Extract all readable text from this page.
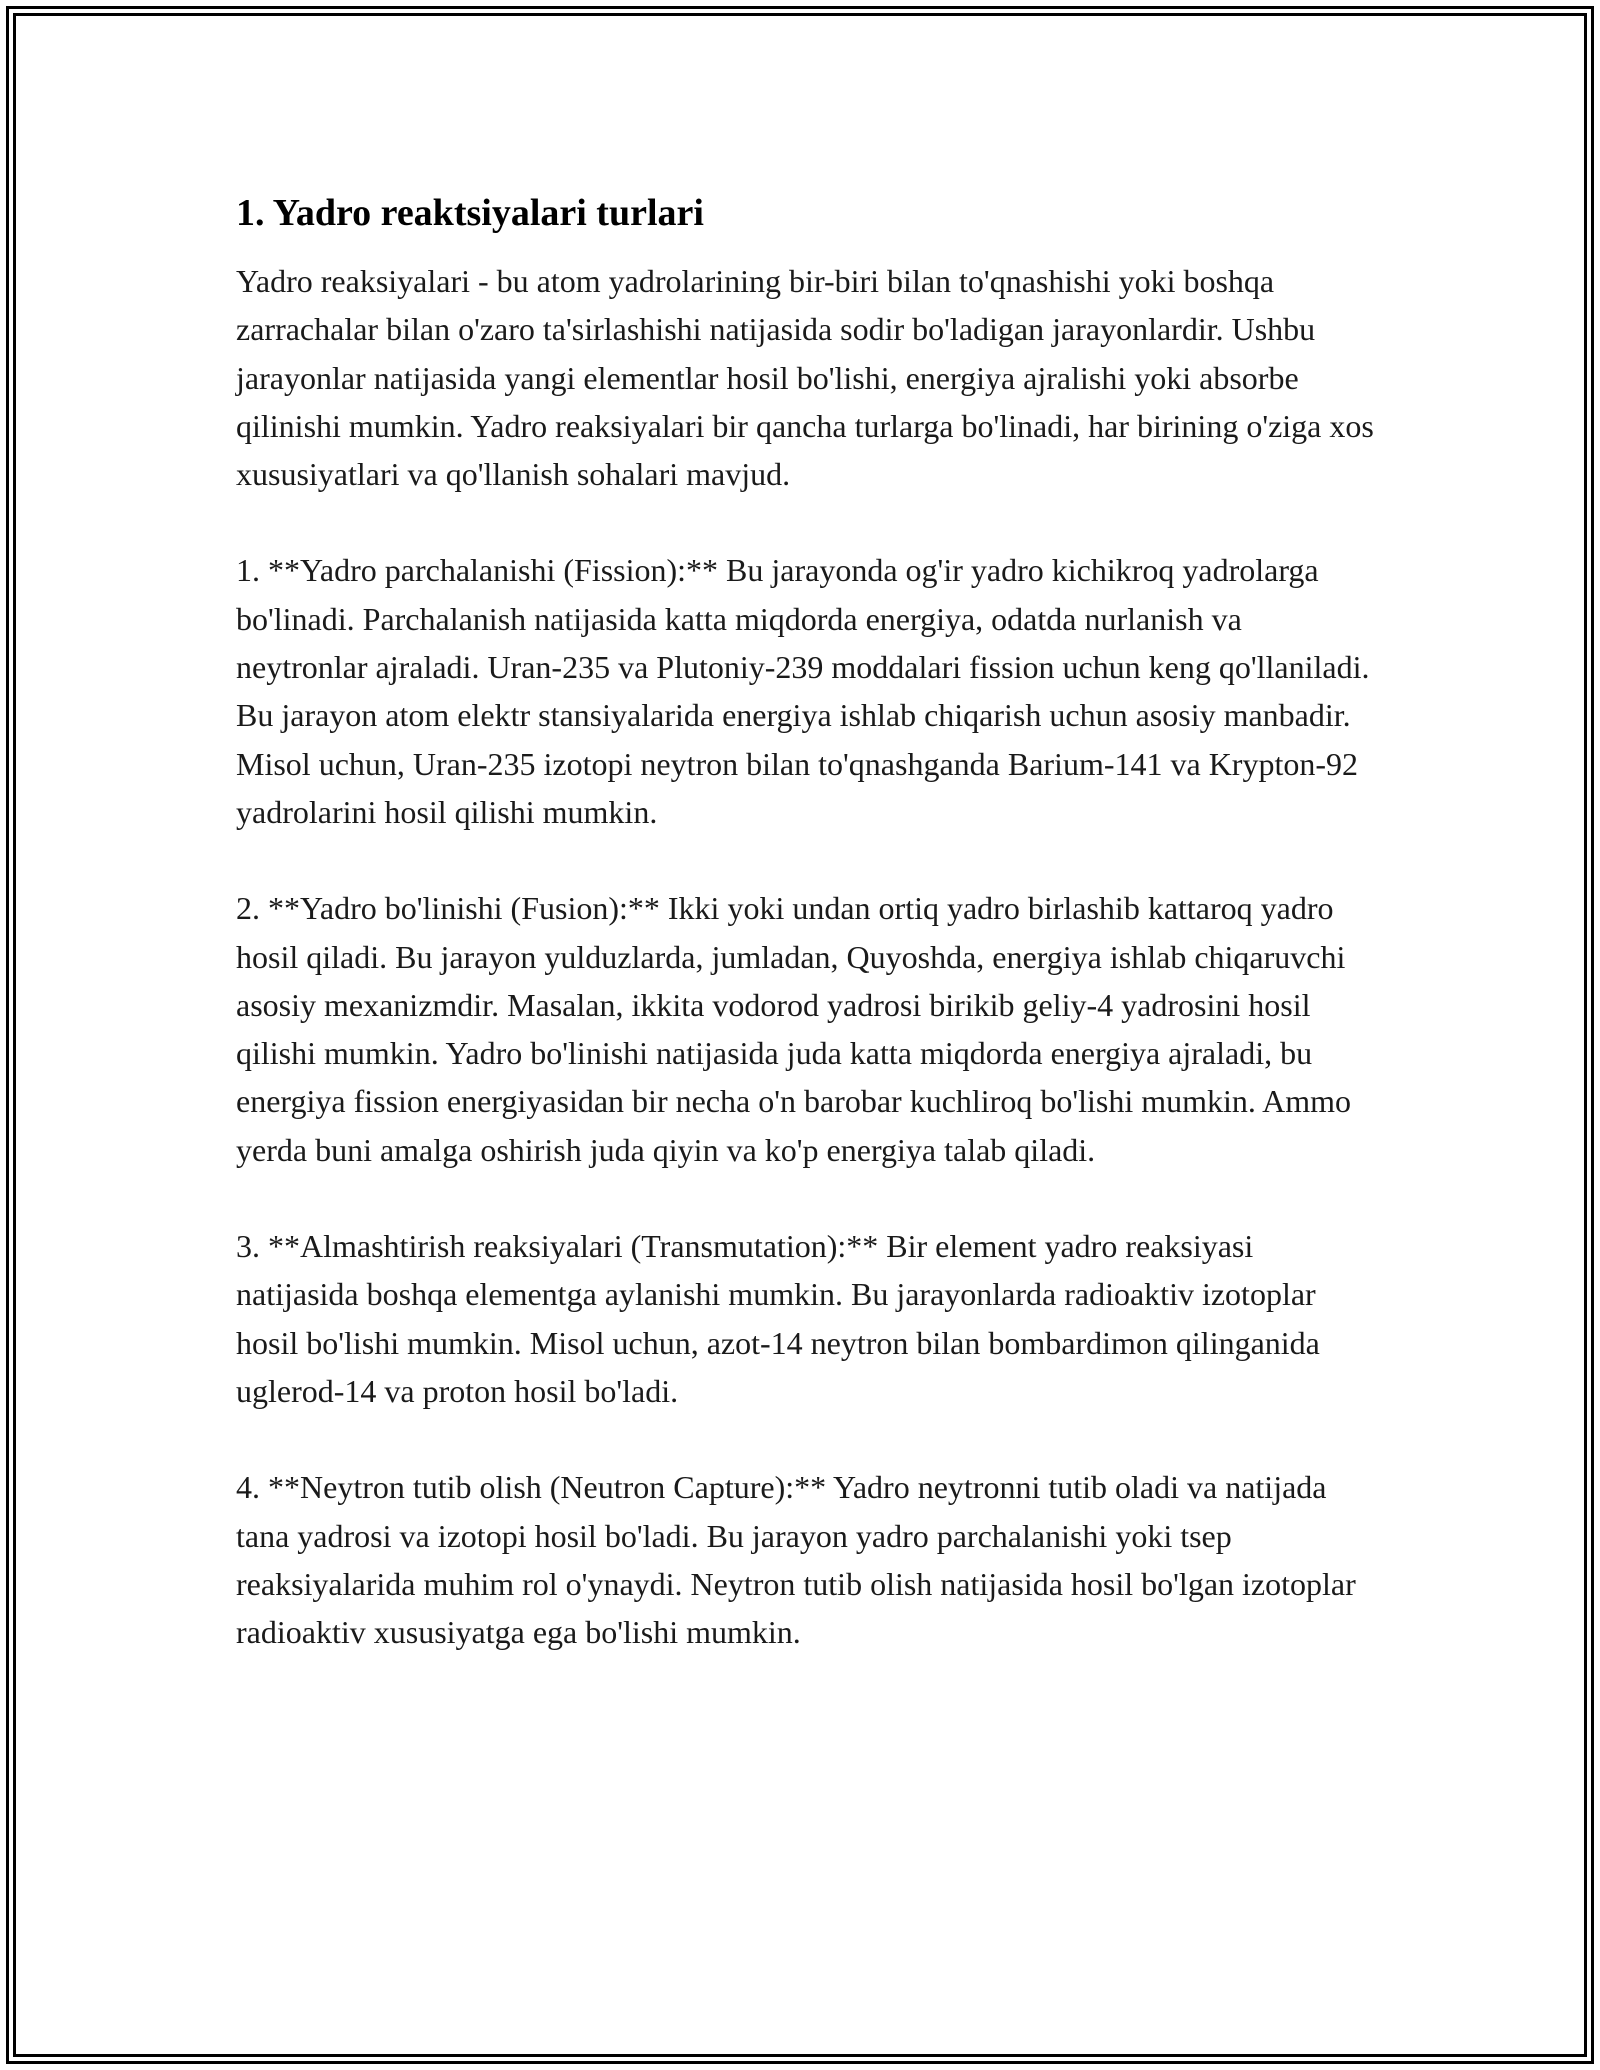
1. Yadro reaktsiyalari turlari

Yadro reaksiyalari - bu atom yadrolarining bir-biri bilan to'qnashishi yoki boshqa zarrachalar bilan o'zaro ta'sirlashishi natijasida sodir bo'ladigan jarayonlardir. Ushbu jarayonlar natijasida yangi elementlar hosil bo'lishi, energiya ajralishi yoki absorbe qilinishi mumkin. Yadro reaksiyalari bir qancha turlarga bo'linadi, har birining o'ziga xos xususiyatlari va qo'llanish sohalari mavjud.

1. **Yadro parchalanishi (Fission):** Bu jarayonda og'ir yadro kichikroq yadrolarga bo'linadi. Parchalanish natijasida katta miqdorda energiya, odatda nurlanish va neytronlar ajraladi. Uran-235 va Plutoniy-239 moddalari fission uchun keng qo'llaniladi. Bu jarayon atom elektr stansiyalarida energiya ishlab chiqarish uchun asosiy manbadir. Misol uchun, Uran-235 izotopi neytron bilan to'qnashganda Barium-141 va Krypton-92 yadrolarini hosil qilishi mumkin.

2. **Yadro bo'linishi (Fusion):** Ikki yoki undan ortiq yadro birlashib kattaroq yadro hosil qiladi. Bu jarayon yulduzlarda, jumladan, Quyoshda, energiya ishlab chiqaruvchi asosiy mexanizmdir. Masalan, ikkita vodorod yadrosi birikib geliy-4 yadrosini hosil qilishi mumkin. Yadro bo'linishi natijasida juda katta miqdorda energiya ajraladi, bu energiya fission energiyasidan bir necha o'n barobar kuchliroq bo'lishi mumkin. Ammo yerda buni amalga oshirish juda qiyin va ko'p energiya talab qiladi.

3. **Almashtirish reaksiyalari (Transmutation):** Bir element yadro reaksiyasi natijasida boshqa elementga aylanishi mumkin. Bu jarayonlarda radioaktiv izotoplar hosil bo'lishi mumkin. Misol uchun, azot-14 neytron bilan bombardimon qilinganida uglerod-14 va proton hosil bo'ladi.

4. **Neytron tutib olish (Neutron Capture):** Yadro neytronni tutib oladi va natijada tana yadrosi va izotopi hosil bo'ladi. Bu jarayon yadro parchalanishi yoki tsep reaksiyalarida muhim rol o'ynaydi. Neytron tutib olish natijasida hosil bo'lgan izotoplar radioaktiv xususiyatga ega bo'lishi mumkin.
